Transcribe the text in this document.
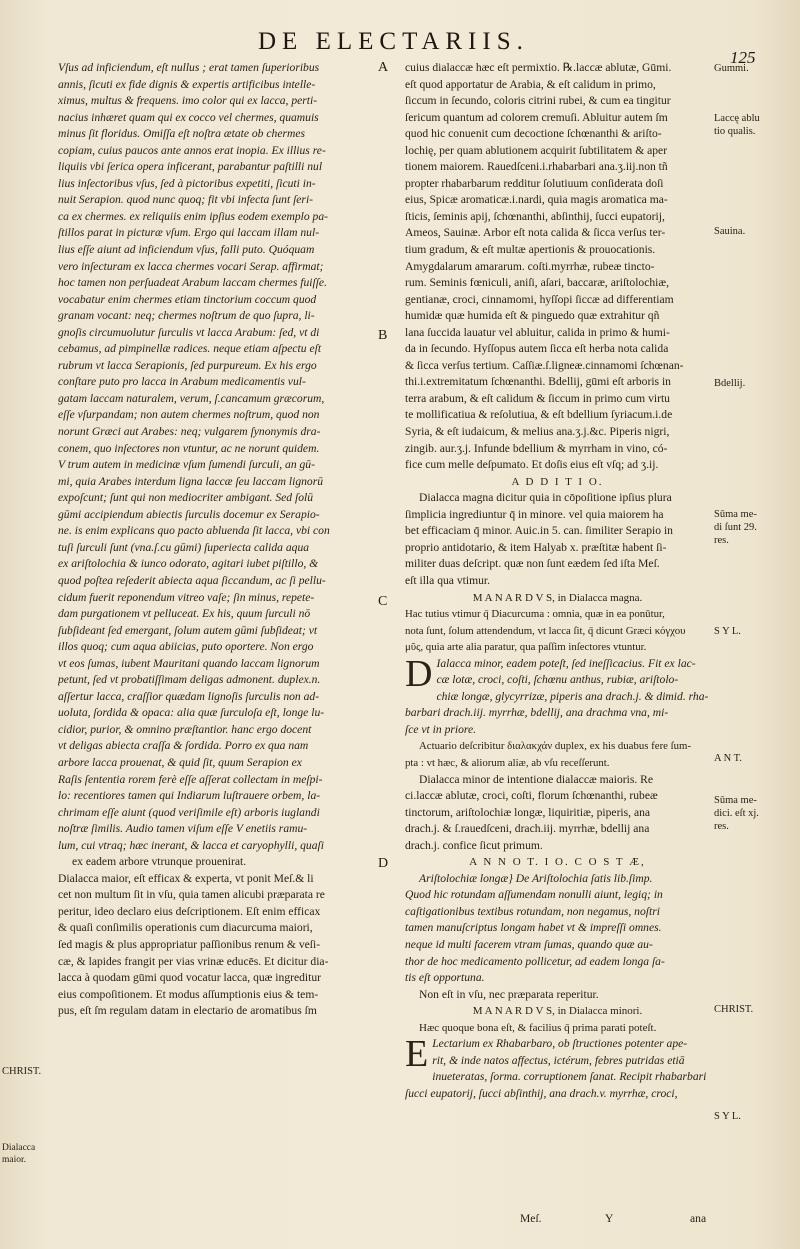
DE ELECTARIIS.
125
Vſus ad inficiendum, eſt nullus ; erat tamen ſuperioribus
annis, ſicuti ex fide dignis & expertis artificibus intelle-
ximus, multus & frequens. imo color qui ex lacca, perti-
nacius inhæret quam qui ex cocco vel chermes, quamuis
minus ſit floridus. Omiſſa eſt noſtra ætate ob chermes
copiam, cuius paucos ante annos erat inopia. Ex illius re-
liquiis vbi ſerica opera inficerant, parabantur paſtilli nul
lius inſectoribus vſus, ſed à pictoribus expetiti, ſicuti in-
nuit Serapion. quod nunc quoq; fit vbi infecta ſunt ſeri-
ca ex chermes. ex reliquiis enim ipſius eodem exemplo pa-
ſtillos parat in picturæ vſum. Ergo qui laccam illam nul-
lius eſſe aiunt ad inficiendum vſus, falli puto. Quóquam
vero inſecturam ex lacca chermes vocari Serap. affirmat;
hoc tamen non perſuadeat Arabum laccam chermes fuiſſe.
vocabatur enim chermes etiam tinctorium coccum quod
granam vocant: neq; chermes noſtrum de quo ſupra, li-
gnoſis circumuolutur ſurculis vt lacca Arabum: ſed, vt di
cebamus, ad pimpinellæ radices. neque etiam aſpectu eſt
rubrum vt lacca Serapionis, ſed purpureum. Ex his ergo
conſtare puto pro lacca in Arabum medicamentis vul-
gatam laccam naturalem, verum, ſ.cancamum græcorum,
eſſe vſurpandam; non autem chermes noſtrum, quod non
norunt Græci aut Arabes: neq; vulgarem ſynonymis dra-
conem, quo inſectores non vtuntur, ac ne norunt quidem.
V trum autem in medicinæ vſum ſumendi ſurculi, an gū-
mi, quia Arabes interdum ligna laccæ ſeu laccam lignorū
expoſcunt; ſunt qui non mediocriter ambigant. Sed ſolū
gūmi accipiendum abiectis ſurculis docemur ex Serapio-
ne. is enim explicans quo pacto abluenda ſit lacca, vbi con
tuſi ſurculi ſunt (vna.ſ.cu gūmi) ſuperiecta calida aqua
ex ariſtolochia & iunco odorato, agitari iubet piſtillo, &
quod poſtea reſederit abiecta aqua ſiccandum, ac ſi pellu-
cidum fuerit reponendum vitreo vaſe; ſin minus, repete-
dam purgationem vt pelluceat. Ex his, quum ſurculi nō
ſubſideant ſed emergant, ſolum autem gūmi ſubſideat; vt
illos quoq; cum aqua abiicias, puto oportere. Non ergo
vt eos ſumas, iubent Mauritani quando laccam lignorum
petunt, ſed vt probatiſſimam deligas admonent. duplex.n.
aſſertur lacca, craſſior quædam lignoſis ſurculis non ad-
uoluta, ſordida & opaca: alia quæ ſurculoſa eſt, longe lu-
cidior, purior, & omnino præſtantior. hanc ergo docent
vt deligas abiecta craſſa & ſordida. Porro ex qua nam
arbore lacca prouenat, & quid ſit, quum Serapion ex
Raſis ſententia rorem ferè eſſe aſſerat collectam in meſpi-
lo: recentiores tamen qui Indiarum luſtrauere orbem, la-
chrimam eſſe aiunt (quod veriſimile eſt) arboris iuglandi
noſtræ ſimilis. Audio tamen viſum eſſe V enetiis ramu-
lum, cui vtraq; hæc inerant, & lacca et caryophylli, quaſi
ex eadem arbore vtrunque prouenirat.
Dialacca maior, eſt efficax & experta, vt ponit Meſ.& li
cet non multum ſit in vſu, quia tamen alicubi præparata re
peritur, ideo declaro eius deſcriptionem. Eſt enim efficax
& quaſi conſimilis operationis cum diacurcuma maiori,
ſed magis & plus appropriatur paſſionibus renum & veſi-
cæ, & lapides frangit per vias vrinæ educēs. Et dicitur dia-
lacca à quodam gūmi quod vocatur lacca, quæ ingreditur
eius compoſitionem. Et modus aſſumptionis eius & tem-
pus, eſt ſm regulam datam in electario de aromatibus ſm
cuius dialaccæ hæc eſt permixtio. ℞.laccæ ablutæ, Gūmi.
eſt quod apportatur de Arabia, & eſt calidum in primo,
ſiccum in ſecundo, coloris citrini rubei, & cum ea tingitur
ſericum quantum ad colorem cremuſi. Abluitur autem ſm
quod hic conuenit cum decoctione ſchœnanthi & ariſto-
lochię, per quam ablutionem acquirit ſubtilitatem & aper
tionem maiorem. Rauedſceni.i.rhabarbari ana.ʒ.iij.non tñ
propter rhabarbarum redditur ſolutiuum conſiderata doſi
eius, Spicæ aromaticæ.i.nardi, quia magis aromatica ma-
ſticis, ſeminis apij, ſchœnanthi, abſinthij, ſucci eupatorij,
Ameos, Sauinæ. Arbor eſt nota calida & ſicca verſus ter-
tium gradum, & eſt multæ apertionis & prouocationis.
Amygdalarum amararum. coſti.myrrhæ, rubeæ tincto-
rum. Seminis fœniculi, aniſi, aſari, baccaræ, ariſtolochiæ,
gentianæ, croci, cinnamomi, hyſſopi ſiccæ ad differentiam
humidæ quæ humida eſt & pinguedo quæ extrahitur qñ
lana ſuccida lauatur vel abluitur, calida in primo & humi-
da in ſecundo. Hyſſopus autem ſicca eſt herba nota calida
& ſicca verſus tertium. Caſſiæ.ſ.ligneæ.cinnamomi ſchœnan-
thi.i.extremitatum ſchœnanthi. Bdellij, gūmi eſt arboris in
terra arabum, & eſt calidum & ſiccum in primo cum virtu
te mollificatiua & reſolutiua, & eſt bdellium ſyriacum.i.de
Syria, & eſt iudaicum, & melius ana.ʒ.j.&c. Piperis nigri,
zingib. aur.ʒ.j. Infunde bdellium & myrrham in vino, có-
fice cum melle deſpumato. Et doſis eius eſt vſq; ad ʒ.ij.
A D D I T I O.
Dialacca magna dicitur quia in cōpoſitione ipſius plura
ſimplicia ingrediuntur q̄ in minore. vel quia maiorem ha
bet efficaciam q̄ minor. Auic.in 5. can. ſimiliter Serapio in
proprio antidotario, & item Halyab x. præſtitæ habent ſi-
militer duas deſcript. quæ non ſunt eædem ſed iſta Meſ.
eſt illa qua vtimur.
M A N A R D V S, in Dialacca magna.
Hac tutius vtimur q̄ Diacurcuma : omnia, quæ in ea ponūtur,
nota ſunt, ſolum attendendum, vt lacca ſit, q̄ dicunt Græci κόγχου
μῦς, quia arte alia paratur, qua paſſim inſectores vtuntur.
D Ialacca minor, eadem poteſt, ſed ineſſicacius. Fit ex lac-
cæ lotæ, croci, coſti, ſchœnu anthus, rubiæ, ariſtolo-
chiæ longæ, glycyrrizæ, piperis ana drach.j. & dimid. rha-
barbari drach.iij. myrrhæ, bdellij, ana drachma vna, mi-
ſce vt in priore.
Actuario deſcribitur διαλακχάν duplex, ex his duabus fere ſum-
pta : vt hæc, & aliorum aliæ, ab vſu receſſerunt.
Dialacca minor de intentione dialaccæ maioris. Re
ci.laccæ ablutæ, croci, coſti, florum ſchœnanthi, rubeæ
tinctorum, ariſtolochiæ longæ, liquiritiæ, piperis, ana
drach.j. & ſ.rauedſceni, drach.iij. myrrhæ, bdellij ana
drach.j. confice ſicut primum.
A N N O T. I O. C O S T Æ,
Ariſtolochiæ longæ} De Ariſtolochia ſatis lib.ſimp.
Quod hic rotundam aſſumendam nonulli aiunt, legiq; in
caſtigationibus textibus rotundam, non negamus, noſtri
tamen manuſcriptus longam habet vt & impreſſi omnes.
neque id multi facerem vtram ſumas, quando quæ au-
thor de hoc medicamento pollicetur, ad eadem longa ſa-
tis eſt opportuna.
Non eſt in vſu, nec præparata reperitur.
M A N A R D V S, in Dialacca minori.
Hæc quoque bona eſt, & facilius q̄ prima parati poteſt.
E Lectarium ex Rhabarbaro, ob ſtructiones potenter ape-
rit, & inde natos affectus, ictérum, febres putridas etiā
inueteratas, ſorma. corruptionem ſanat. Recipit rhabarbari
ſucci eupatorij, ſucci abſinthij, ana drach.v. myrrhæ, croci,
A
B
C
D
Gummi.
Laccę ablu
tio qualis.
Sauina.
Bdellij.
Sūma me-
di ſunt 29.
res.
S Y L.
A N T.
Sūma me-
dici. eſt xj.
res.
CHRIST.
S Y L.
CHRIST.
Dialacca
maior.
Meſ.	Y	ana
